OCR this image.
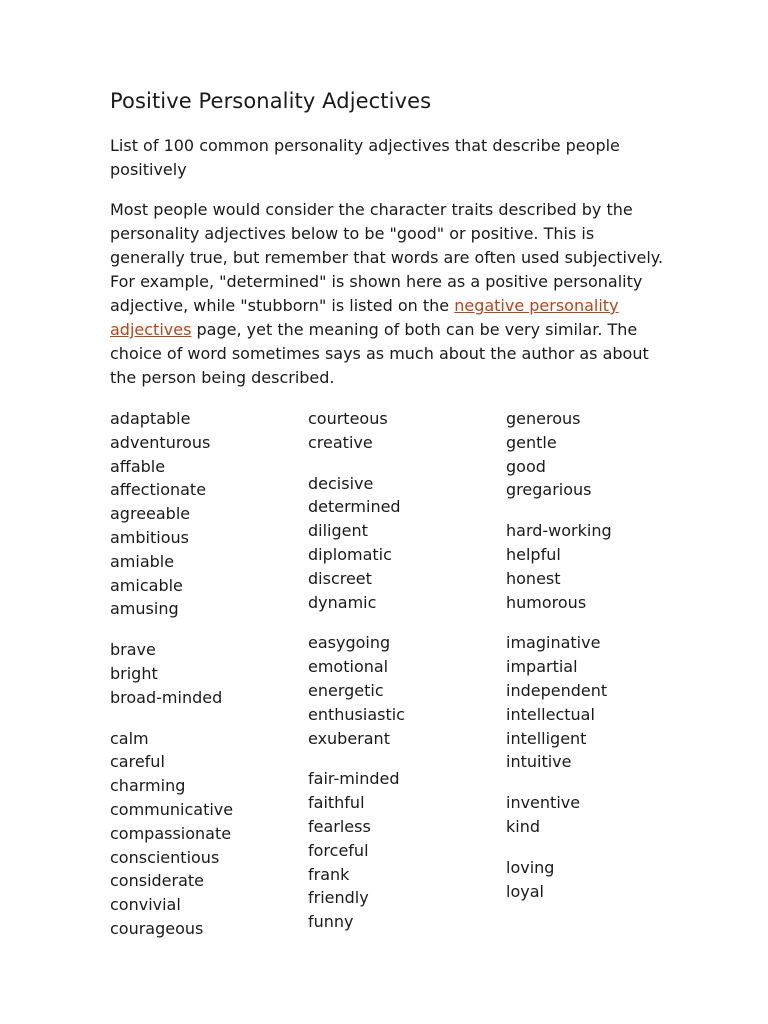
Positive Personality Adjectives

List of 100 common personality adjectives that describe people positively

Most people would consider the character traits described by the personality adjectives below to be "good" or positive. This is generally true, but remember that words are often used subjectively. For example, "determined" is shown here as a positive personality adjective, while "stubborn" is listed on the negative personality adjectives page, yet the meaning of both can be very similar. The choice of word sometimes says as much about the author as about the person being described.

adaptable
adventurous
affable
affectionate
agreeable
ambitious
amiable
amicable
amusing
brave
bright
broad-minded
calm
careful
charming
communicative
compassionate
conscientious
considerate
convivial
courageous
courteous
creative
decisive
determined
diligent
diplomatic
discreet
dynamic
easygoing
emotional
energetic
enthusiastic
exuberant
fair-minded
faithful
fearless
forceful
frank
friendly
funny
generous
gentle
good
gregarious
hard-working
helpful
honest
humorous
imaginative
impartial
independent
intellectual
intelligent
intuitive
inventive
kind
loving
loyal
